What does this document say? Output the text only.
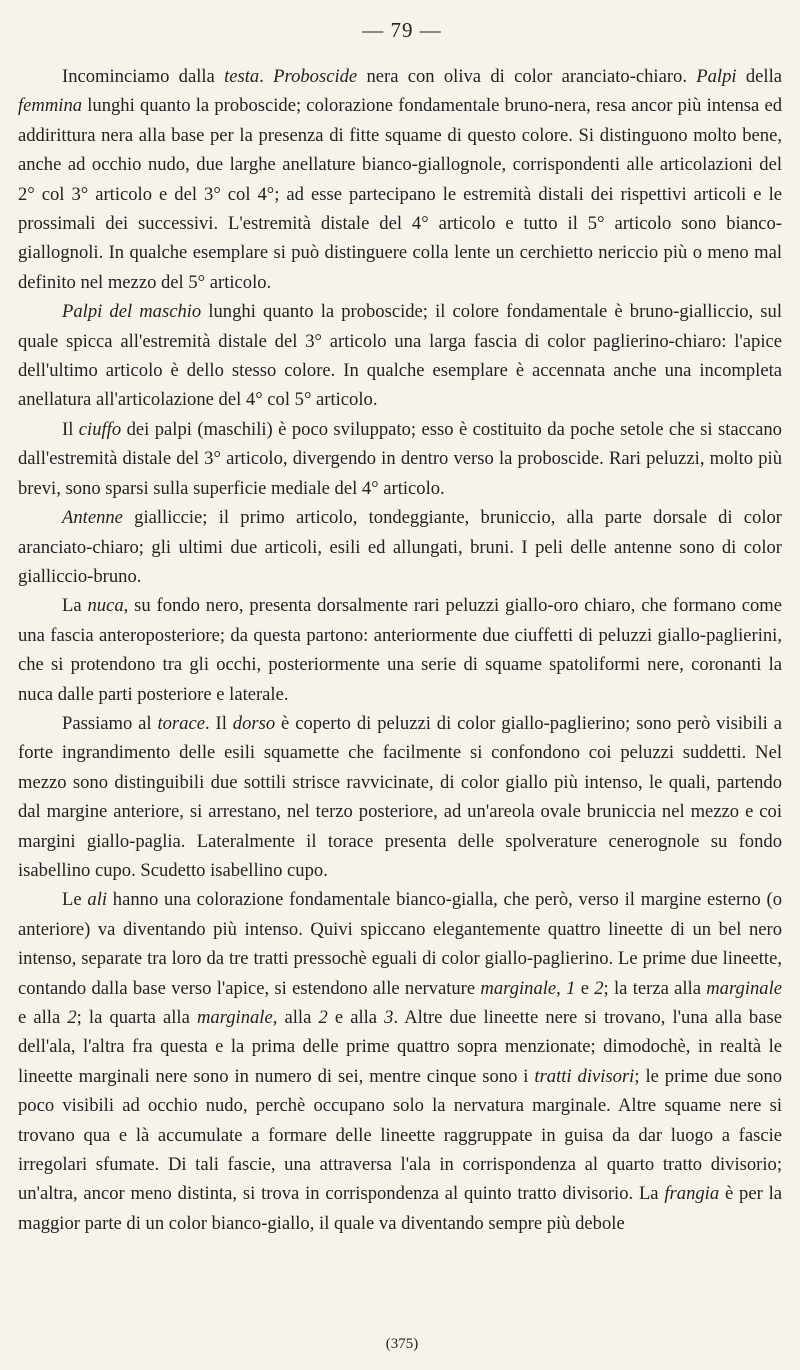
— 79 —

Incominciamo dalla testa. Proboscide nera con oliva di color aranciato-chiaro. Palpi della femmina lunghi quanto la proboscide; colorazione fondamentale bruno-nera, resa ancor più intensa ed addirittura nera alla base per la presenza di fitte squame di questo colore. Si distinguono molto bene, anche ad occhio nudo, due larghe anellature bianco-giallognole, corrispondenti alle articolazioni del 2° col 3° articolo e del 3° col 4°; ad esse partecipano le estremità distali dei rispettivi articoli e le prossimali dei successivi. L'estremità distale del 4° articolo e tutto il 5° articolo sono bianco-giallognoli. In qualche esemplare si può distinguere colla lente un cerchietto nericcio più o meno mal definito nel mezzo del 5° articolo.

Palpi del maschio lunghi quanto la proboscide; il colore fondamentale è bruno-gialliccio, sul quale spicca all'estremità distale del 3° articolo una larga fascia di color paglierino-chiaro: l'apice dell'ultimo articolo è dello stesso colore. In qualche esemplare è accennata anche una incompleta anellatura all'articolazione del 4° col 5° articolo.

Il ciuffo dei palpi (maschili) è poco sviluppato; esso è costituito da poche setole che si staccano dall'estremità distale del 3° articolo, divergendo in dentro verso la proboscide. Rari peluzzi, molto più brevi, sono sparsi sulla superficie mediale del 4° articolo.

Antenne gialliccie; il primo articolo, tondeggiante, bruniccio, alla parte dorsale di color aranciato-chiaro; gli ultimi due articoli, esili ed allungati, bruni. I peli delle antenne sono di color gialliccio-bruno.

La nuca, su fondo nero, presenta dorsalmente rari peluzzi giallo-oro chiaro, che formano come una fascia anteroposteriore; da questa partono: anteriormente due ciuffetti di peluzzi giallo-paglierini, che si protendono tra gli occhi, posteriormente una serie di squame spatoliformi nere, coronanti la nuca dalle parti posteriore e laterale.

Passiamo al torace. Il dorso è coperto di peluzzi di color giallo-paglierino; sono però visibili a forte ingrandimento delle esili squamette che facilmente si confondono coi peluzzi suddetti. Nel mezzo sono distinguibili due sottili strisce ravvicinate, di color giallo più intenso, le quali, partendo dal margine anteriore, si arrestano, nel terzo posteriore, ad un'areola ovale bruniccia nel mezzo e coi margini giallo-paglia. Lateralmente il torace presenta delle spolverature cenerognole su fondo isabellino cupo. Scudetto isabellino cupo.

Le ali hanno una colorazione fondamentale bianco-gialla, che però, verso il margine esterno (o anteriore) va diventando più intenso. Quivi spiccano elegantemente quattro lineette di un bel nero intenso, separate tra loro da tre tratti pressochè eguali di color giallo-paglierino. Le prime due lineette, contando dalla base verso l'apice, si estendono alle nervature marginale, 1 e 2; la terza alla marginale e alla 2; la quarta alla marginale, alla 2 e alla 3. Altre due lineette nere si trovano, l'una alla base dell'ala, l'altra fra questa e la prima delle prime quattro sopra menzionate; dimodochè, in realtà le lineette marginali nere sono in numero di sei, mentre cinque sono i tratti divisori; le prime due sono poco visibili ad occhio nudo, perchè occupano solo la nervatura marginale. Altre squame nere si trovano qua e là accumulate a formare delle lineette raggruppate in guisa da dar luogo a fascie irregolari sfumate. Di tali fascie, una attraversa l'ala in corrispondenza al quarto tratto divisorio; un'altra, ancor meno distinta, si trova in corrispondenza al quinto tratto divisorio. La frangia è per la maggior parte di un color bianco-giallo, il quale va diventando sempre più debole

(375)
